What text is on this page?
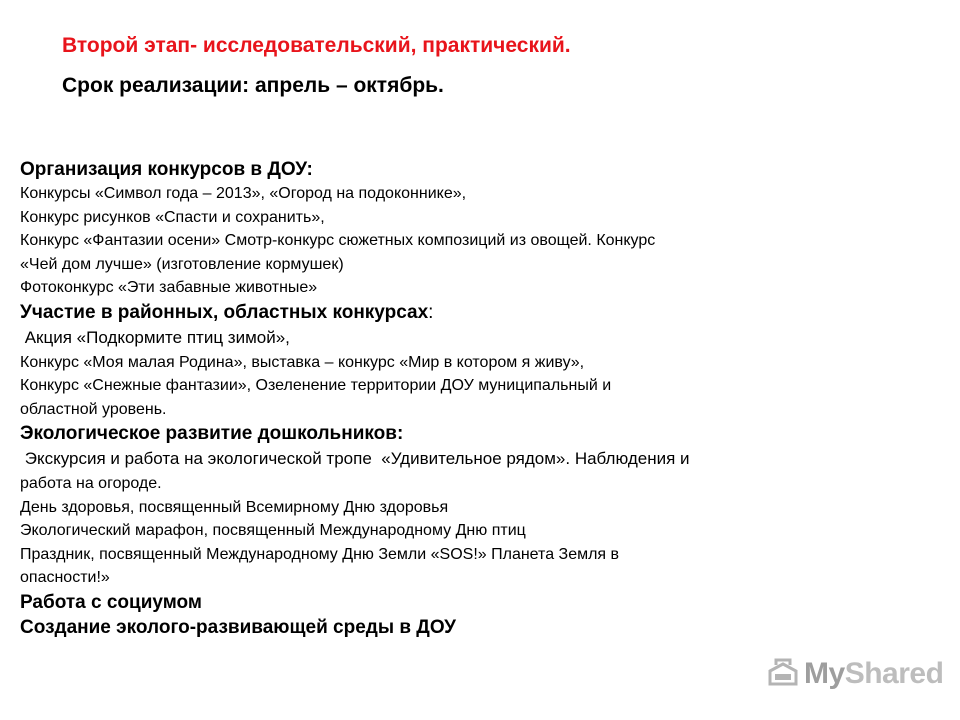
Второй этап- исследовательский, практический.
Срок реализации: апрель – октябрь.
Организация конкурсов в ДОУ:
Конкурсы «Символ года – 2013», «Огород на подоконнике»,
Конкурс рисунков «Спасти и сохранить»,
Конкурс «Фантазии осени» Смотр-конкурс сюжетных композиций из овощей. Конкурс
«Чей дом лучше» (изготовление кормушек)
Фотоконкурс «Эти забавные животные»
Участие в районных, областных конкурсах:
Акция «Подкормите птиц зимой»,
Конкурс «Моя малая Родина», выставка – конкурс «Мир в котором я живу»,
Конкурс «Снежные фантазии», Озеленение территории ДОУ муниципальный и
областной уровень.
Экологическое развитие дошкольников:
Экскурсия и работа на экологической тропе  «Удивительное рядом». Наблюдения и
работа на огороде.
День здоровья, посвященный Всемирному Дню здоровья
Экологический марафон, посвященный Международному Дню птиц
Праздник, посвященный Международному Дню Земли «SOS!» Планета Земля в
опасности!»
Работа с социумом
Создание эколого-развивающей среды в ДОУ
MyShared
